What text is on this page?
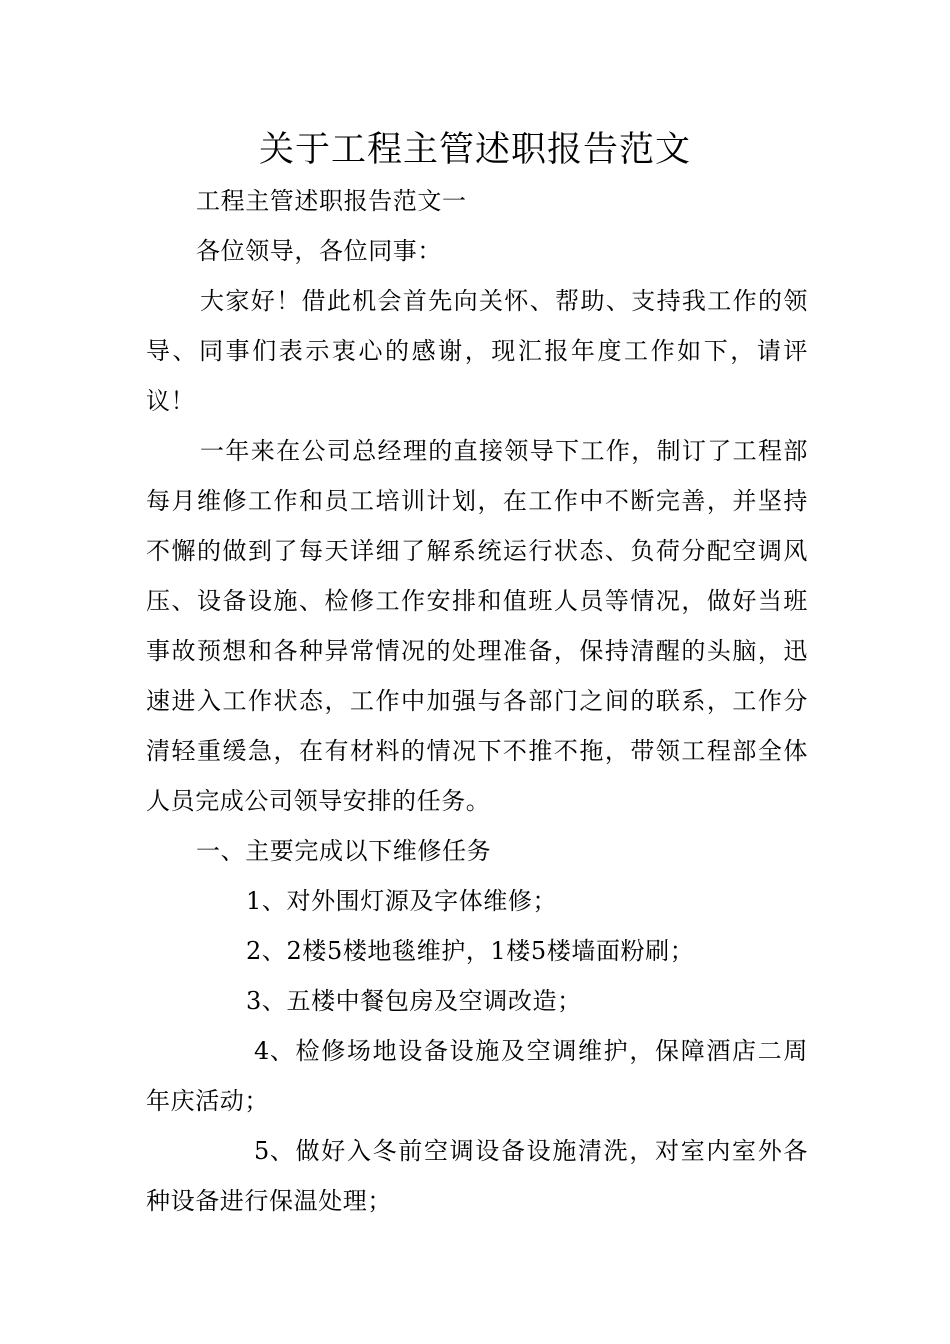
关于工程主管述职报告范文

工程主管述职报告范文一

各位领导，各位同事：

大家好！借此机会首先向关怀、帮助、支持我工作的领导、同事们表示衷心的感谢，现汇报年度工作如下，请评议！

一年来在公司总经理的直接领导下工作，制订了工程部每月维修工作和员工培训计划，在工作中不断完善，并坚持不懈的做到了每天详细了解系统运行状态、负荷分配空调风压、设备设施、检修工作安排和值班人员等情况，做好当班事故预想和各种异常情况的处理准备，保持清醒的头脑，迅速进入工作状态，工作中加强与各部门之间的联系，工作分清轻重缓急，在有材料的情况下不推不拖，带领工程部全体人员完成公司领导安排的任务。

一、主要完成以下维修任务

1、对外围灯源及字体维修；

2、2楼5楼地毯维护，1楼5楼墙面粉刷；

3、五楼中餐包房及空调改造；

4、检修场地设备设施及空调维护，保障酒店二周年庆活动；

5、做好入冬前空调设备设施清洗，对室内室外各种设备进行保温处理；
